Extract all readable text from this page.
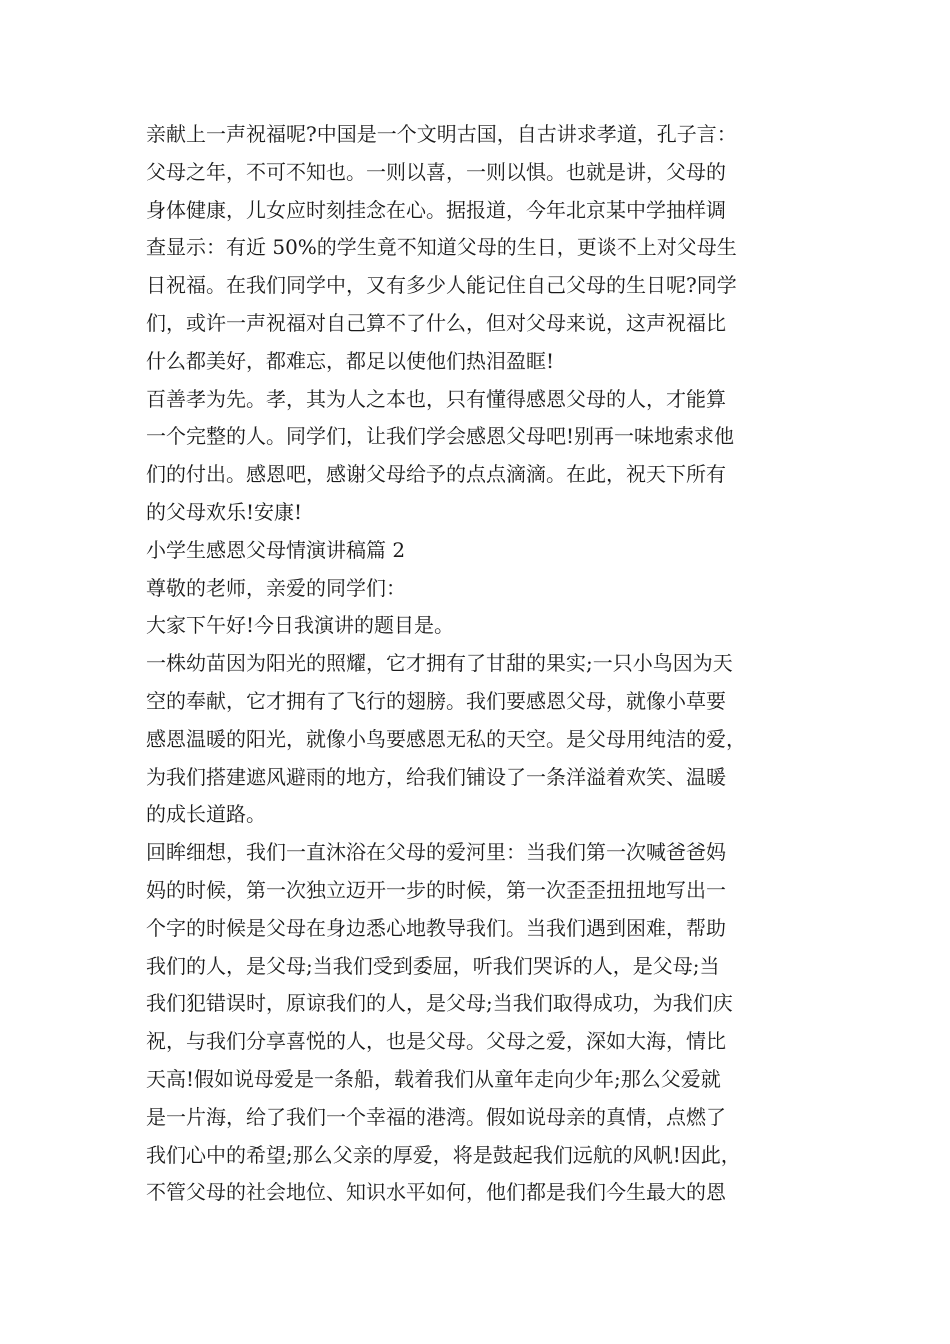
亲献上一声祝福呢?中国是一个文明古国，自古讲求孝道，孔子言：
父母之年，不可不知也。一则以喜，一则以惧。也就是讲，父母的
身体健康，儿女应时刻挂念在心。据报道，今年北京某中学抽样调
查显示：有近 50%的学生竟不知道父母的生日，更谈不上对父母生
日祝福。在我们同学中，又有多少人能记住自己父母的生日呢?同学
们，或许一声祝福对自己算不了什么，但对父母来说，这声祝福比
什么都美好，都难忘，都足以使他们热泪盈眶!
百善孝为先。孝，其为人之本也，只有懂得感恩父母的人，才能算
一个完整的人。同学们，让我们学会感恩父母吧!别再一味地索求他
们的付出。感恩吧，感谢父母给予的点点滴滴。在此，祝天下所有
的父母欢乐!安康!
小学生感恩父母情演讲稿篇 2
尊敬的老师，亲爱的同学们：
大家下午好!今日我演讲的题目是。
一株幼苗因为阳光的照耀，它才拥有了甘甜的果实;一只小鸟因为天
空的奉献，它才拥有了飞行的翅膀。我们要感恩父母，就像小草要
感恩温暖的阳光，就像小鸟要感恩无私的天空。是父母用纯洁的爱，
为我们搭建遮风避雨的地方，给我们铺设了一条洋溢着欢笑、温暖
的成长道路。
回眸细想，我们一直沐浴在父母的爱河里：当我们第一次喊爸爸妈
妈的时候，第一次独立迈开一步的时候，第一次歪歪扭扭地写出一
个字的时候是父母在身边悉心地教导我们。当我们遇到困难，帮助
我们的人，是父母;当我们受到委屈，听我们哭诉的人，是父母;当
我们犯错误时，原谅我们的人，是父母;当我们取得成功，为我们庆
祝，与我们分享喜悦的人，也是父母。父母之爱，深如大海，情比
天高!假如说母爱是一条船，载着我们从童年走向少年;那么父爱就
是一片海，给了我们一个幸福的港湾。假如说母亲的真情，点燃了
我们心中的希望;那么父亲的厚爱，将是鼓起我们远航的风帆!因此，
不管父母的社会地位、知识水平如何，他们都是我们今生最大的恩
